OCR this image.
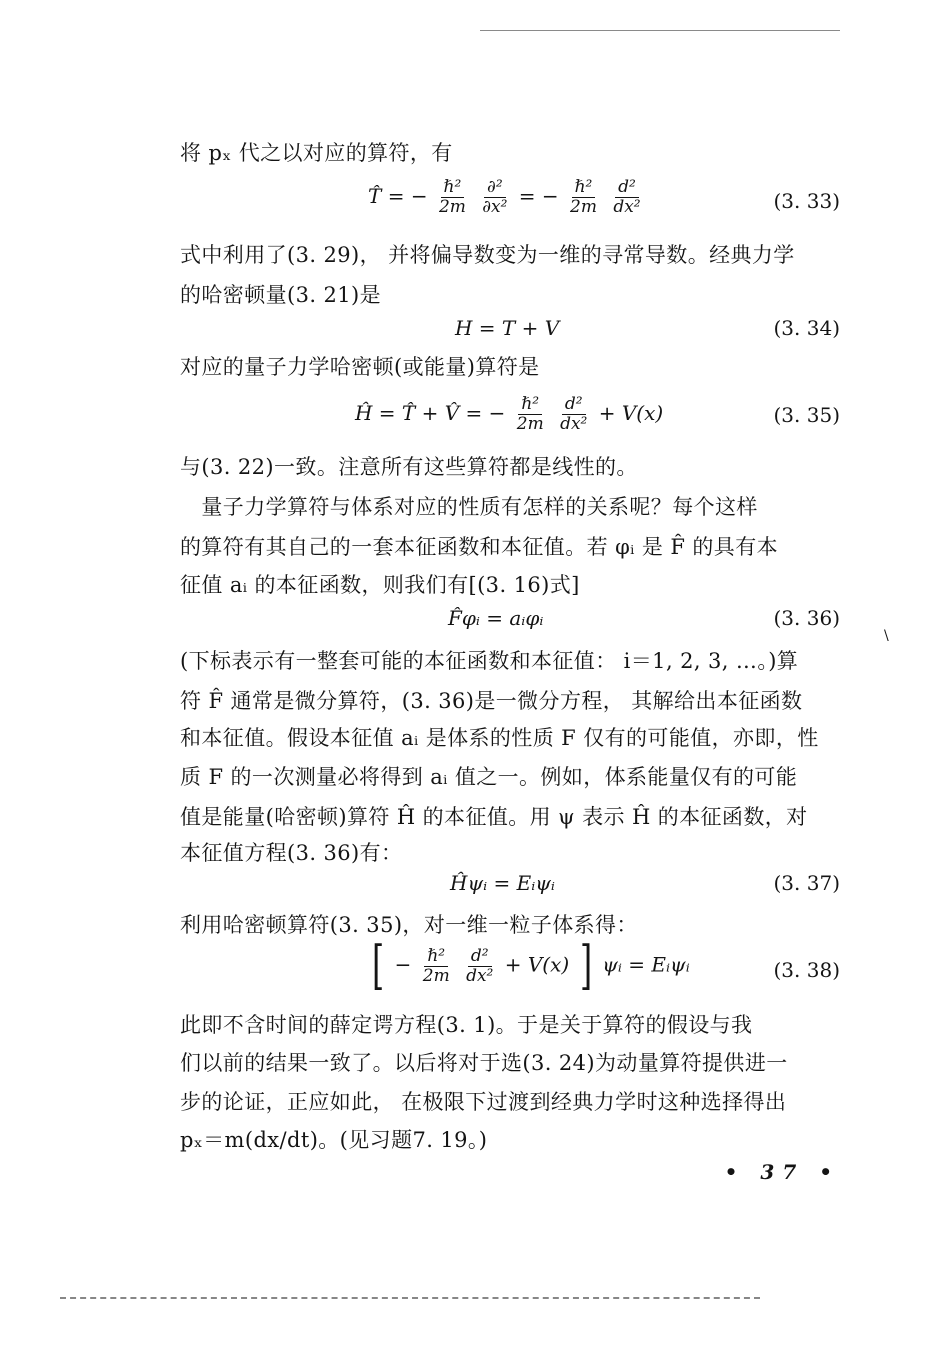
将 pₓ 代之以对应的算符，有
T̂ = − $\frac{\text{ℏ²}}{2m}$
$\frac{\text{∂²}}{\text{∂x²}}$ = − $\frac{\text{ℏ²}}{2m}$
$\frac{\text{d²}}{\text{dx²}}$	(3. 33)
式中利用了(3. 29)， 并将偏导数变为一维的寻常导数。经典力学
的哈密顿量(3. 21)是
H = T + V	(3. 34)
对应的量子力学哈密顿(或能量)算符是
Ĥ = T̂ + V̂ = − $\frac{\text{ℏ²}}{2m}$
$\frac{\text{d²}}{\text{dx²}} + V(x)$	(3. 35)
与(3. 22)一致。注意所有这些算符都是线性的。
　量子力学算符与体系对应的性质有怎样的关系呢？每个这样
的算符有其自己的一套本征函数和本征值。若 φᵢ 是 F̂ 的具有本
征值 aᵢ 的本征函数，则我们有[(3. 16)式]
F̂φᵢ = aᵢφᵢ	(3. 36)
\
(下标表示有一整套可能的本征函数和本征值： i＝1, 2, 3, …。)算
符 F̂ 通常是微分算符，(3. 36)是一微分方程， 其解给出本征函数
和本征值。假设本征值 aᵢ 是体系的性质 F 仅有的可能值，亦即，性
质 F 的一次测量必将得到 aᵢ 值之一。例如，体系能量仅有的可能
值是能量(哈密顿)算符 Ĥ 的本征值。用 ψ 表示 Ĥ 的本征函数，对
本征值方程(3. 36)有：
Ĥψᵢ = Eᵢψᵢ	(3. 37)
利用哈密顿算符(3. 35)，对一维一粒子体系得：
[ − $\frac{\text{ℏ²}}{2m}$
$\frac{\text{d²}}{\text{dx²}} + V(x)$ ] ψᵢ = Eᵢψᵢ	(3. 38)
此即不含时间的薛定谔方程(3. 1)。于是关于算符的假设与我
们以前的结果一致了。以后将对于选(3. 24)为动量算符提供进一
步的论证，正应如此， 在极限下过渡到经典力学时这种选择得出
pₓ＝m(dx/dt)。(见习题7. 19。)
• 37 •
